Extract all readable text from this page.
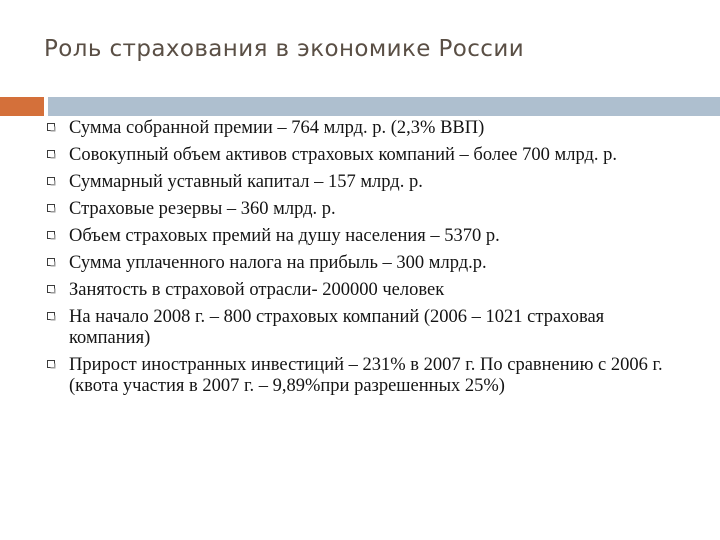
Роль страхования в экономике России
Сумма собранной премии – 764 млрд. р. (2,3% ВВП)
Совокупный объем активов страховых компаний – более 700 млрд. р.
Суммарный уставный капитал – 157 млрд. р.
Страховые резервы – 360 млрд. р.
Объем страховых премий на душу населения – 5370 р.
Сумма уплаченного налога на прибыль – 300 млрд.р.
Занятость в страховой отрасли- 200000 человек
На начало 2008 г. – 800 страховых компаний (2006 – 1021 страховая компания)
Прирост иностранных инвестиций – 231% в 2007 г. По сравнению с 2006 г. (квота участия в 2007 г. – 9,89%при разрешенных 25%)
